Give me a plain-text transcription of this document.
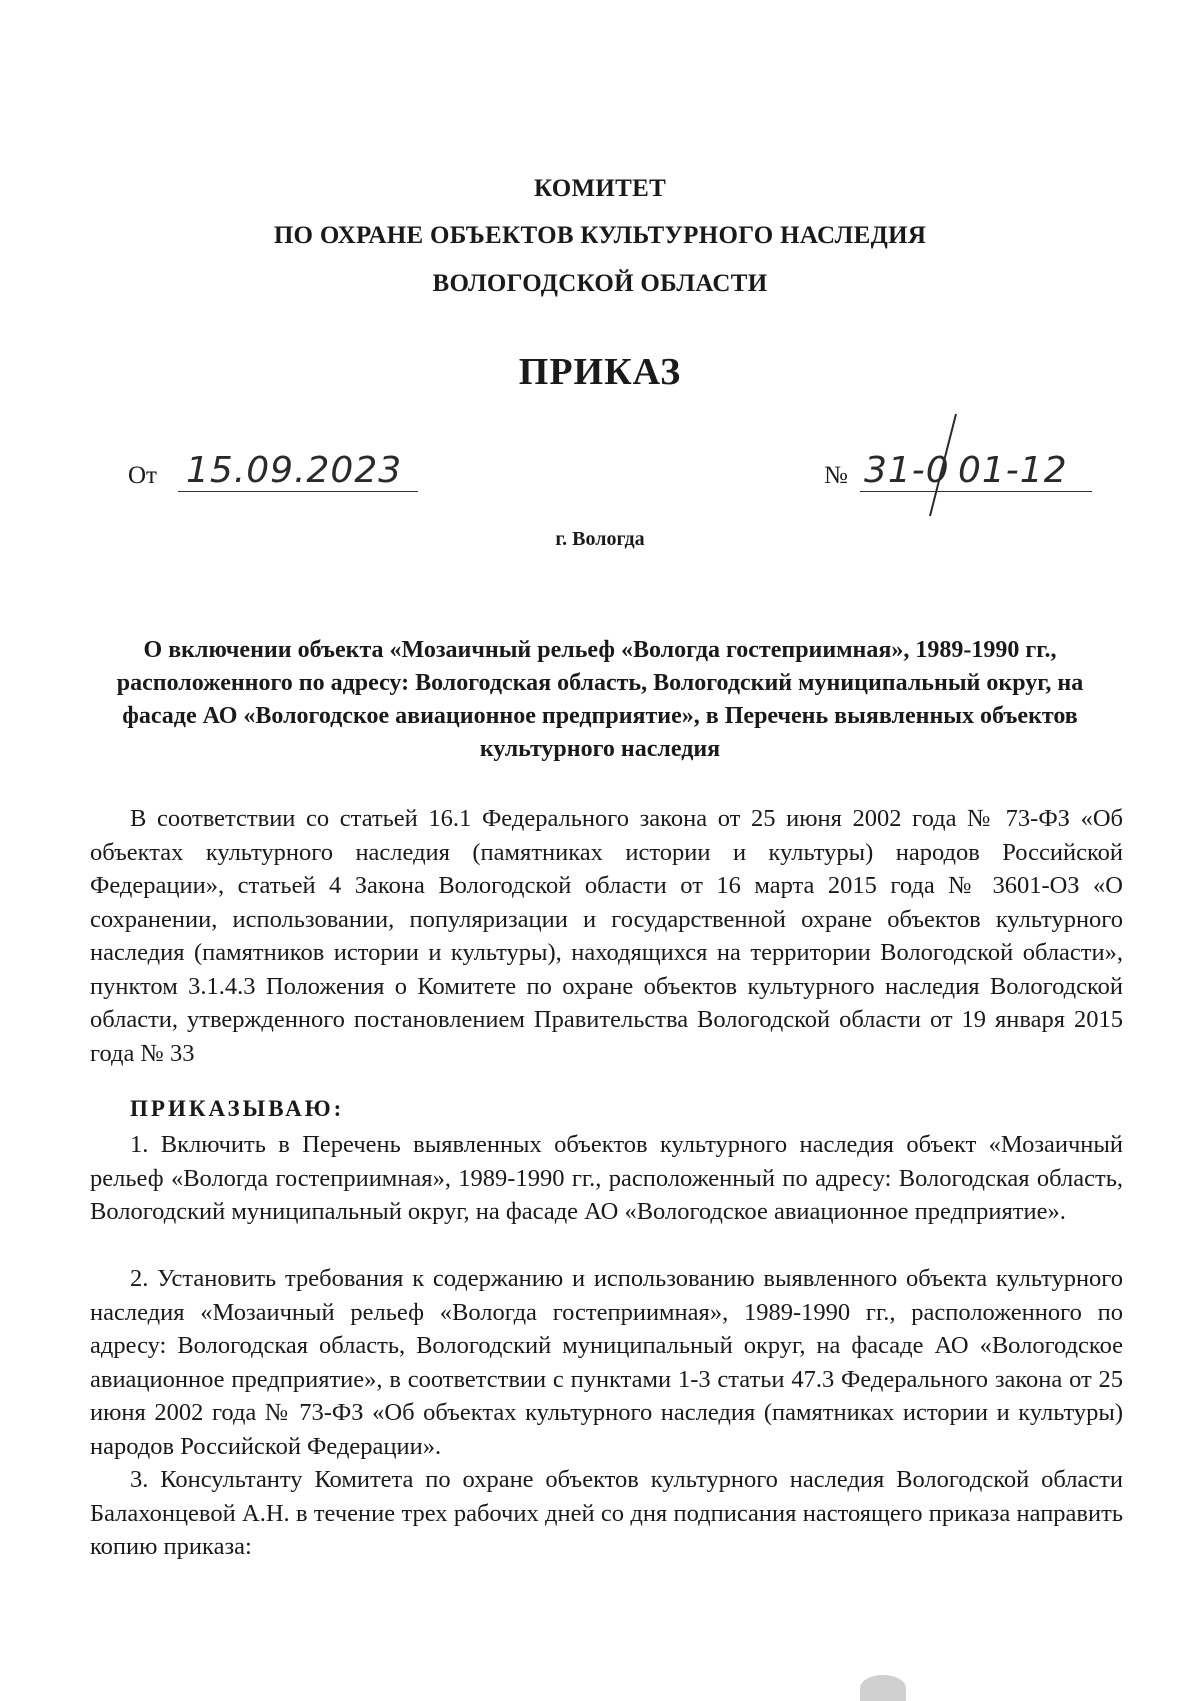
КОМИТЕТ
ПО ОХРАНЕ ОБЪЕКТОВ КУЛЬТУРНОГО НАСЛЕДИЯ
ВОЛОГОДСКОЙ ОБЛАСТИ
ПРИКАЗ
От 15.09.2023	№ 31-0 01-12
г. Вологда
О включении объекта «Мозаичный рельеф «Вологда гостеприимная», 1989-1990 гг., расположенного по адресу: Вологодская область, Вологодский муниципальный округ, на фасаде АО «Вологодское авиационное предприятие», в Перечень выявленных объектов культурного наследия
В соответствии со статьей 16.1 Федерального закона от 25 июня 2002 года № 73-ФЗ «Об объектах культурного наследия (памятниках истории и культуры) народов Российской Федерации», статьей 4 Закона Вологодской области от 16 марта 2015 года № 3601-ОЗ «О сохранении, использовании, популяризации и государственной охране объектов культурного наследия (памятников истории и культуры), находящихся на территории Вологодской области», пунктом 3.1.4.3 Положения о Комитете по охране объектов культурного наследия Вологодской области, утвержденного постановлением Правительства Вологодской области от 19 января 2015 года № 33
ПРИКАЗЫВАЮ:
1. Включить в Перечень выявленных объектов культурного наследия объект «Мозаичный рельеф «Вологда гостеприимная», 1989-1990 гг., расположенный по адресу: Вологодская область, Вологодский муниципальный округ, на фасаде АО «Вологодское авиационное предприятие».
2. Установить требования к содержанию и использованию выявленного объекта культурного наследия «Мозаичный рельеф «Вологда гостеприимная», 1989-1990 гг., расположенного по адресу: Вологодская область, Вологодский муниципальный округ, на фасаде АО «Вологодское авиационное предприятие», в соответствии с пунктами 1-3 статьи 47.3 Федерального закона от 25 июня 2002 года № 73-ФЗ «Об объектах культурного наследия (памятниках истории и культуры) народов Российской Федерации».
3. Консультанту Комитета по охране объектов культурного наследия Вологодской области Балахонцевой А.Н. в течение трех рабочих дней со дня подписания настоящего приказа направить копию приказа:
